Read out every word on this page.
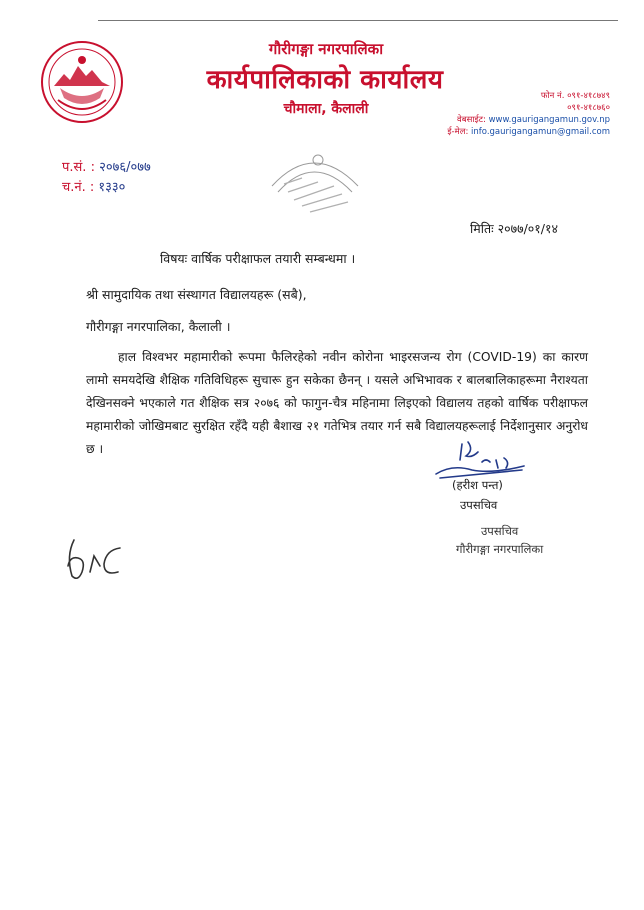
गौरीगङ्गा नगरपालिका
कार्यपालिकाको कार्यालय
चौमाला, कैलाली
फोन नं. ०९१-४१८७४९
०९१-४१८७६०
वेबसाईट: www.gaurigangamun.gov.np
ई-मेल: info.gaurigangamun@gmail.com
प.सं. : २०७६/०७७
च.नं. : १३३०
मितिः २०७७/०१/१४
विषयः वार्षिक परीक्षाफल तयारी सम्बन्धमा ।
श्री सामुदायिक तथा संस्थागत विद्यालयहरू (सबै),
गौरीगङ्गा नगरपालिका, कैलाली ।
हाल विश्वभर महामारीको रूपमा फैलिरहेको नवीन कोरोना भाइरसजन्य रोग (COVID-19) का कारण लामो समयदेखि शैक्षिक गतिविधिहरू सुचारू हुन सकेका छैनन् । यसले अभिभावक र बालबालिकाहरूमा नैराश्यता देखिनसक्ने भएकाले गत शैक्षिक सत्र २०७६ को फागुन-चैत्र महिनामा लिइएको विद्यालय तहको वार्षिक परीक्षाफल महामारीको जोखिमबाट सुरक्षित रहँदै यही बैशाख २१ गतेभित्र तयार गर्न सबै विद्यालयहरूलाई निर्देशानुसार अनुरोध छ ।
(हरीश पन्त)
उपसचिव
उपसचिव
गौरीगङ्गा नगरपालिका
